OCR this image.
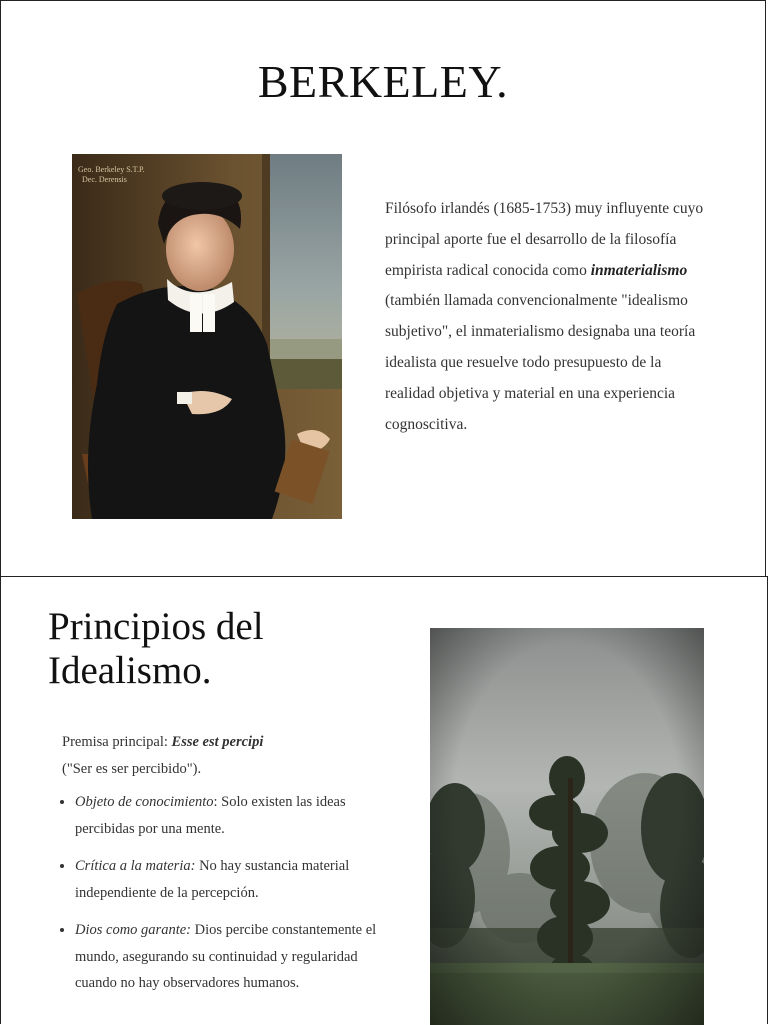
BERKELEY.
Geo. Berkeley S.T.P.
Dec. Derensis
Filósofo irlandés (1685-1753) muy influyente cuyo principal aporte fue el desarrollo de la filosofía empirista radical conocida como inmaterialismo (también llamada convencionalmente "idealismo subjetivo", el inmaterialismo designaba una teoría idealista que resuelve todo presupuesto de la realidad objetiva y material en una experiencia cognoscitiva.
Principios del
Idealismo.
Premisa principal: Esse est percipi
("Ser es ser percibido").
• Objeto de conocimiento: Solo existen las ideas percibidas por una mente.
• Crítica a la materia: No hay sustancia material independiente de la percepción.
• Dios como garante: Dios percibe constantemente el mundo, asegurando su continuidad y regularidad cuando no hay observadores humanos.
